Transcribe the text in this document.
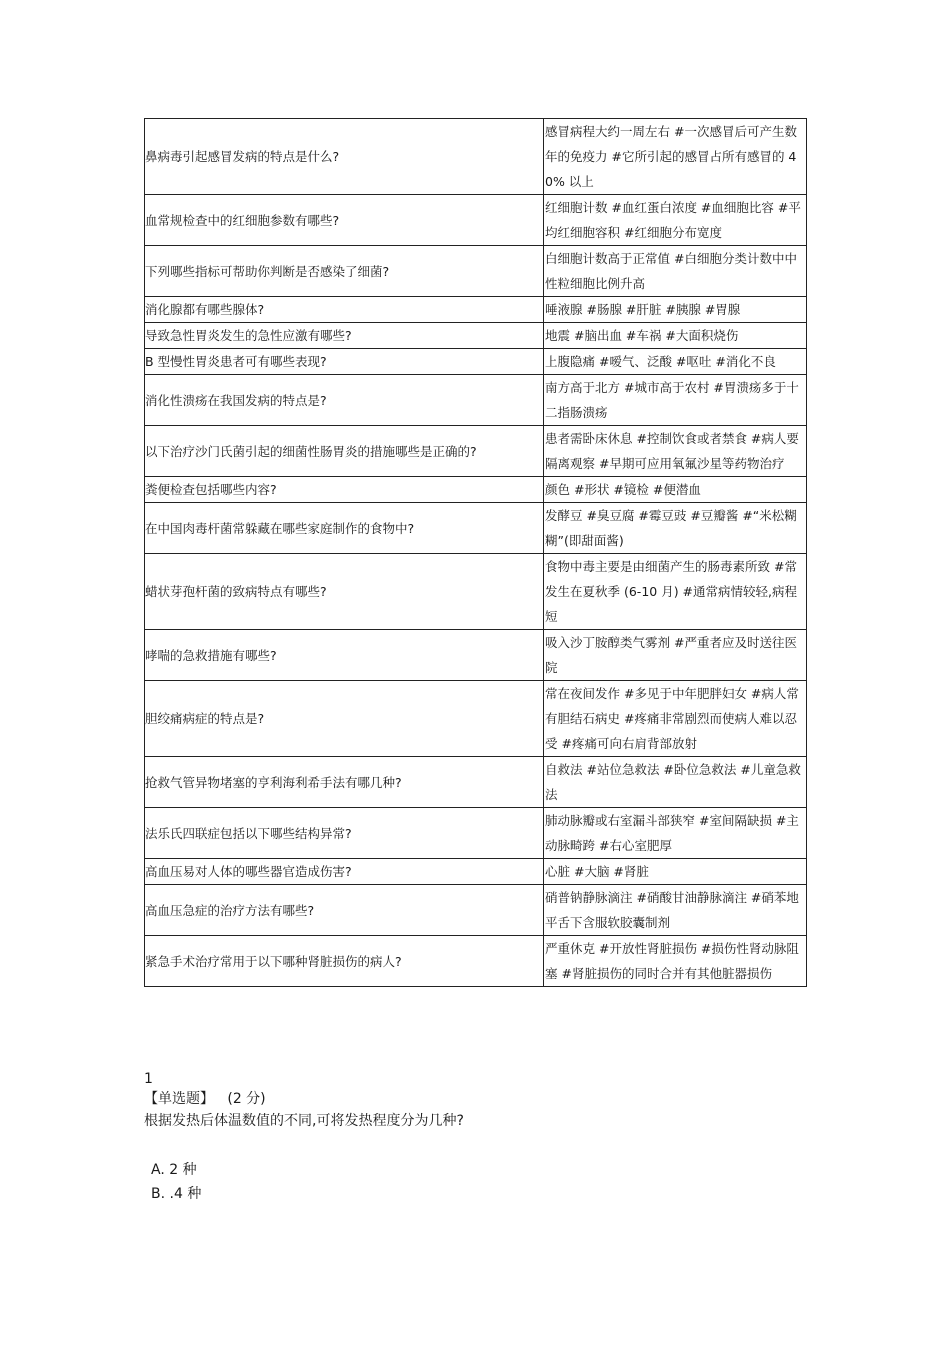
鼻病毒引起感冒发病的特点是什么?	感冒病程大约一周左右 #一次感冒后可产生数年的免疫力 #它所引起的感冒占所有感冒的 40% 以上
血常规检查中的红细胞参数有哪些?	红细胞计数 #血红蛋白浓度 #血细胞比容 #平均红细胞容积 #红细胞分布宽度
下列哪些指标可帮助你判断是否感染了细菌?	白细胞计数高于正常值 #白细胞分类计数中中性粒细胞比例升高
消化腺都有哪些腺体?	唾液腺 #肠腺 #肝脏 #胰腺 #胃腺
导致急性胃炎发生的急性应激有哪些?	地震 #脑出血 #车祸 #大面积烧伤
B 型慢性胃炎患者可有哪些表现?	上腹隐痛 #嗳气、泛酸 #呕吐 #消化不良
消化性溃疡在我国发病的特点是?	南方高于北方 #城市高于农村 #胃溃疡多于十二指肠溃疡
以下治疗沙门氏菌引起的细菌性肠胃炎的措施哪些是正确的?	患者需卧床休息 #控制饮食或者禁食 #病人要隔离观察 #早期可应用氧氟沙星等药物治疗
粪便检查包括哪些内容?	颜色 #形状 #镜检 #便潜血
在中国肉毒杆菌常躲藏在哪些家庭制作的食物中?	发酵豆 #臭豆腐 #霉豆豉 #豆瓣酱 #“米松糊糊”(即甜面酱)
蜡状芽孢杆菌的致病特点有哪些?	食物中毒主要是由细菌产生的肠毒素所致 #常发生在夏秋季 (6-10 月) #通常病情较轻,病程短
哮喘的急救措施有哪些?	吸入沙丁胺醇类气雾剂 #严重者应及时送往医院
胆绞痛病症的特点是?	常在夜间发作 #多见于中年肥胖妇女 #病人常有胆结石病史 #疼痛非常剧烈而使病人难以忍受 #疼痛可向右肩背部放射
抢救气管异物堵塞的亨利海利希手法有哪几种?	自救法 #站位急救法 #卧位急救法 #儿童急救法
法乐氏四联症包括以下哪些结构异常?	肺动脉瓣或右室漏斗部狭窄 #室间隔缺损 #主动脉畸跨 #右心室肥厚
高血压易对人体的哪些器官造成伤害?	心脏 #大脑 #肾脏
高血压急症的治疗方法有哪些?	硝普钠静脉滴注 #硝酸甘油静脉滴注 #硝苯地平舌下含服软胶囊制剂
紧急手术治疗常用于以下哪种肾脏损伤的病人?	严重休克 #开放性肾脏损伤 #损伤性肾动脉阻塞 #肾脏损伤的同时合并有其他脏器损伤
1
【单选题】 (2 分)
根据发热后体温数值的不同,可将发热程度分为几种?
A. 2 种
B. .4 种
